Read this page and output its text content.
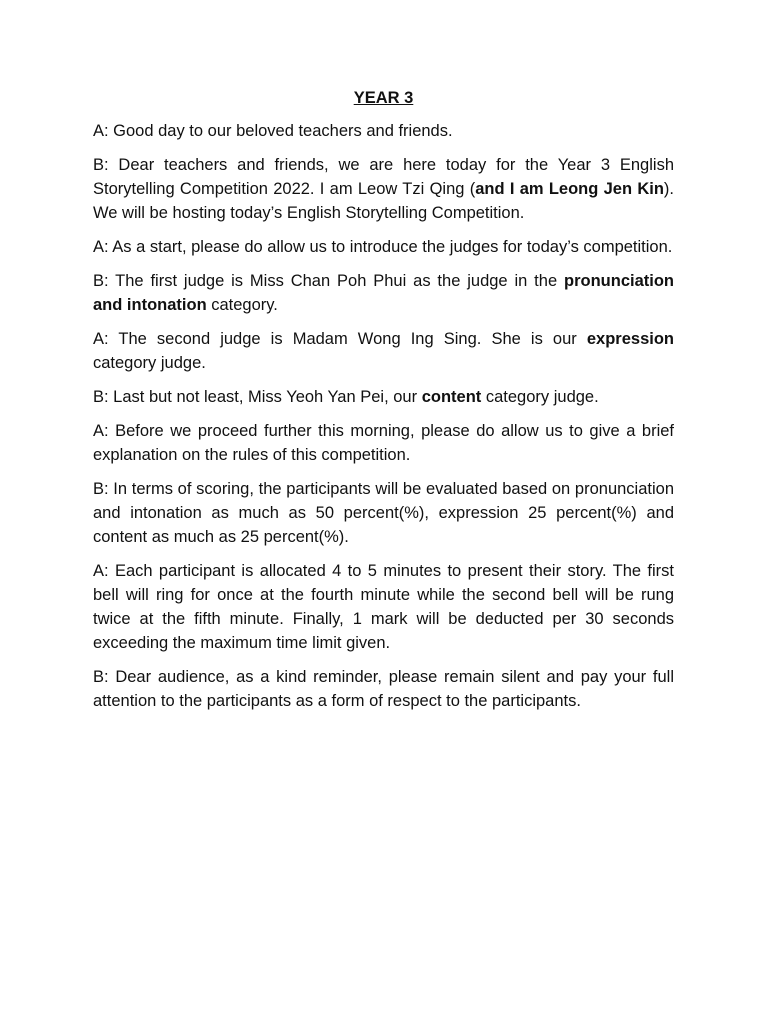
YEAR 3

A: Good day to our beloved teachers and friends.

B: Dear teachers and friends, we are here today for the Year 3 English Storytelling Competition 2022. I am Leow Tzi Qing (and I am Leong Jen Kin). We will be hosting today’s English Storytelling Competition.

A: As a start, please do allow us to introduce the judges for today’s competition.

B: The first judge is Miss Chan Poh Phui as the judge in the pronunciation and intonation category.

A: The second judge is Madam Wong Ing Sing. She is our expression category judge.

B: Last but not least, Miss Yeoh Yan Pei, our content category judge.

A: Before we proceed further this morning, please do allow us to give a brief explanation on the rules of this competition.

B: In terms of scoring, the participants will be evaluated based on pronunciation and intonation as much as 50 percent(%), expression 25 percent(%) and content as much as 25 percent(%).

A: Each participant is allocated 4 to 5 minutes to present their story. The first bell will ring for once at the fourth minute while the second bell will be rung twice at the fifth minute. Finally, 1 mark will be deducted per 30 seconds exceeding the maximum time limit given.

B: Dear audience, as a kind reminder, please remain silent and pay your full attention to the participants as a form of respect to the participants.
